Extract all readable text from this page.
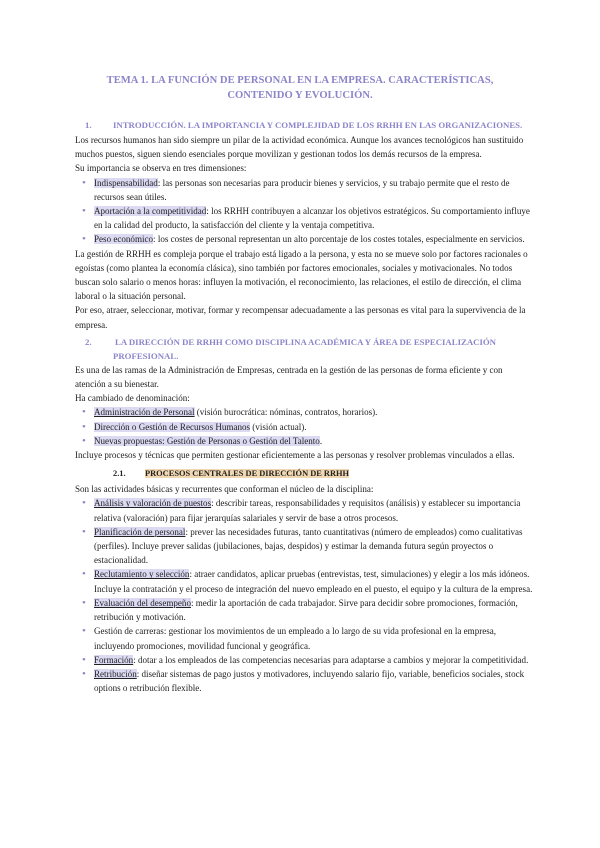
TEMA 1. LA FUNCIÓN DE PERSONAL EN LA EMPRESA. CARACTERÍSTICAS,
CONTENIDO Y EVOLUCIÓN.

1. INTRODUCCIÓN. LA IMPORTANCIA Y COMPLEJIDAD DE LOS RRHH EN LAS ORGANIZACIONES.

Los recursos humanos han sido siempre un pilar de la actividad económica. Aunque los avances tecnológicos han sustituido muchos puestos, siguen siendo esenciales porque movilizan y gestionan todos los demás recursos de la empresa.

Su importancia se observa en tres dimensiones:

• Indispensabilidad: las personas son necesarias para producir bienes y servicios, y su trabajo permite que el resto de recursos sean útiles.
• Aportación a la competitividad: los RRHH contribuyen a alcanzar los objetivos estratégicos. Su comportamiento influye en la calidad del producto, la satisfacción del cliente y la ventaja competitiva.
• Peso económico: los costes de personal representan un alto porcentaje de los costes totales, especialmente en servicios.

La gestión de RRHH es compleja porque el trabajo está ligado a la persona, y esta no se mueve solo por factores racionales o egoístas (como plantea la economía clásica), sino también por factores emocionales, sociales y motivacionales. No todos buscan solo salario o menos horas: influyen la motivación, el reconocimiento, las relaciones, el estilo de dirección, el clima laboral o la situación personal.

Por eso, atraer, seleccionar, motivar, formar y recompensar adecuadamente a las personas es vital para la supervivencia de la empresa.

2.	LA DIRECCIÓN DE RRHH COMO DISCIPLINA ACADÉMICA Y ÁREA DE ESPECIALIZACIÓN

PROFESIONAL.

Es una de las ramas de la Administración de Empresas, centrada en la gestión de las personas de forma eficiente y con atención a su bienestar.

Ha cambiado de denominación:

• Administración de Personal (visión burocrática: nóminas, contratos, horarios).
• Dirección o Gestión de Recursos Humanos (visión actual).
• Nuevas propuestas: Gestión de Personas o Gestión del Talento.

Incluye procesos y técnicas que permiten gestionar eficientemente a las personas y resolver problemas vinculados a ellas.

2.1. PROCESOS CENTRALES DE DIRECCIÓN DE RRHH

Son las actividades básicas y recurrentes que conforman el núcleo de la disciplina:

• Análisis y valoración de puestos: describir tareas, responsabilidades y requisitos (análisis) y establecer su importancia relativa (valoración) para fijar jerarquías salariales y servir de base a otros procesos.
• Planificación de personal: prever las necesidades futuras, tanto cuantitativas (número de empleados) como cualitativas (perfiles). Incluye prever salidas (jubilaciones, bajas, despidos) y estimar la demanda futura según proyectos o estacionalidad.
• Reclutamiento y selección: atraer candidatos, aplicar pruebas (entrevistas, test, simulaciones) y elegir a los más idóneos. Incluye la contratación y el proceso de integración del nuevo empleado en el puesto, el equipo y la cultura de la empresa.
• Evaluación del desempeño: medir la aportación de cada trabajador. Sirve para decidir sobre promociones, formación, retribución y motivación.
• Gestión de carreras: gestionar los movimientos de un empleado a lo largo de su vida profesional en la empresa, incluyendo promociones, movilidad funcional y geográfica.
• Formación: dotar a los empleados de las competencias necesarias para adaptarse a cambios y mejorar la competitividad.
• Retribución: diseñar sistemas de pago justos y motivadores, incluyendo salario fijo, variable, beneficios sociales, stock options o retribución flexible.
